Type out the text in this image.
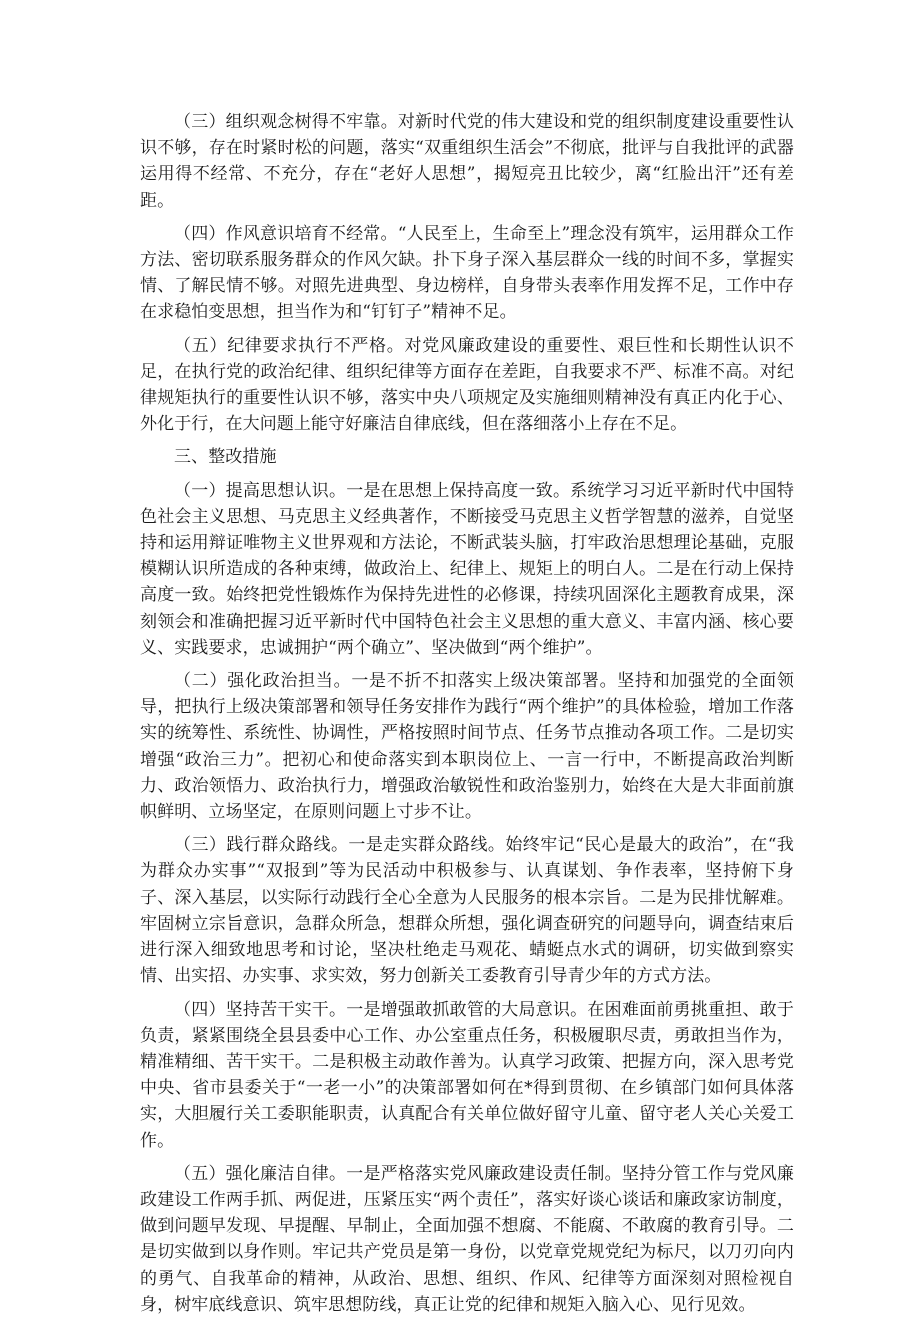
（三）组织观念树得不牢靠。对新时代党的伟大建设和党的组织制度建设重要性认识不够，存在时紧时松的问题，落实“双重组织生活会”不彻底，批评与自我批评的武器运用得不经常、不充分，存在“老好人思想”，揭短亮丑比较少，离“红脸出汗”还有差距。

（四）作风意识培育不经常。“人民至上，生命至上”理念没有筑牢，运用群众工作方法、密切联系服务群众的作风欠缺。扑下身子深入基层群众一线的时间不多，掌握实情、了解民情不够。对照先进典型、身边榜样，自身带头表率作用发挥不足，工作中存在求稳怕变思想，担当作为和“钉钉子”精神不足。

（五）纪律要求执行不严格。对党风廉政建设的重要性、艰巨性和长期性认识不足，在执行党的政治纪律、组织纪律等方面存在差距，自我要求不严、标准不高。对纪律规矩执行的重要性认识不够，落实中央八项规定及实施细则精神没有真正内化于心、外化于行，在大问题上能守好廉洁自律底线，但在落细落小上存在不足。

三、整改措施

（一）提高思想认识。一是在思想上保持高度一致。系统学习习近平新时代中国特色社会主义思想、马克思主义经典著作，不断接受马克思主义哲学智慧的滋养，自觉坚持和运用辩证唯物主义世界观和方法论，不断武装头脑，打牢政治思想理论基础，克服模糊认识所造成的各种束缚，做政治上、纪律上、规矩上的明白人。二是在行动上保持高度一致。始终把党性锻炼作为保持先进性的必修课，持续巩固深化主题教育成果，深刻领会和准确把握习近平新时代中国特色社会主义思想的重大意义、丰富内涵、核心要义、实践要求，忠诚拥护“两个确立”、坚决做到“两个维护”。

（二）强化政治担当。一是不折不扣落实上级决策部署。坚持和加强党的全面领导，把执行上级决策部署和领导任务安排作为践行“两个维护”的具体检验，增加工作落实的统筹性、系统性、协调性，严格按照时间节点、任务节点推动各项工作。二是切实增强“政治三力”。把初心和使命落实到本职岗位上、一言一行中，不断提高政治判断力、政治领悟力、政治执行力，增强政治敏锐性和政治鉴别力，始终在大是大非面前旗帜鲜明、立场坚定，在原则问题上寸步不让。

（三）践行群众路线。一是走实群众路线。始终牢记“民心是最大的政治”，在“我为群众办实事”“双报到”等为民活动中积极参与、认真谋划、争作表率，坚持俯下身子、深入基层，以实际行动践行全心全意为人民服务的根本宗旨。二是为民排忧解难。牢固树立宗旨意识，急群众所急，想群众所想，强化调查研究的问题导向，调查结束后进行深入细致地思考和讨论，坚决杜绝走马观花、蜻蜓点水式的调研，切实做到察实情、出实招、办实事、求实效，努力创新关工委教育引导青少年的方式方法。

（四）坚持苦干实干。一是增强敢抓敢管的大局意识。在困难面前勇挑重担、敢于负责，紧紧围绕全县县委中心工作、办公室重点任务，积极履职尽责，勇敢担当作为，精准精细、苦干实干。二是积极主动敢作善为。认真学习政策、把握方向，深入思考党中央、省市县委关于“一老一小”的决策部署如何在*得到贯彻、在乡镇部门如何具体落实，大胆履行关工委职能职责，认真配合有关单位做好留守儿童、留守老人关心关爱工作。

（五）强化廉洁自律。一是严格落实党风廉政建设责任制。坚持分管工作与党风廉政建设工作两手抓、两促进，压紧压实“两个责任”，落实好谈心谈话和廉政家访制度，做到问题早发现、早提醒、早制止，全面加强不想腐、不能腐、不敢腐的教育引导。二是切实做到以身作则。牢记共产党员是第一身份，以党章党规党纪为标尺，以刀刃向内的勇气、自我革命的精神，从政治、思想、组织、作风、纪律等方面深刻对照检视自身，树牢底线意识、筑牢思想防线，真正让党的纪律和规矩入脑入心、见行见效。
